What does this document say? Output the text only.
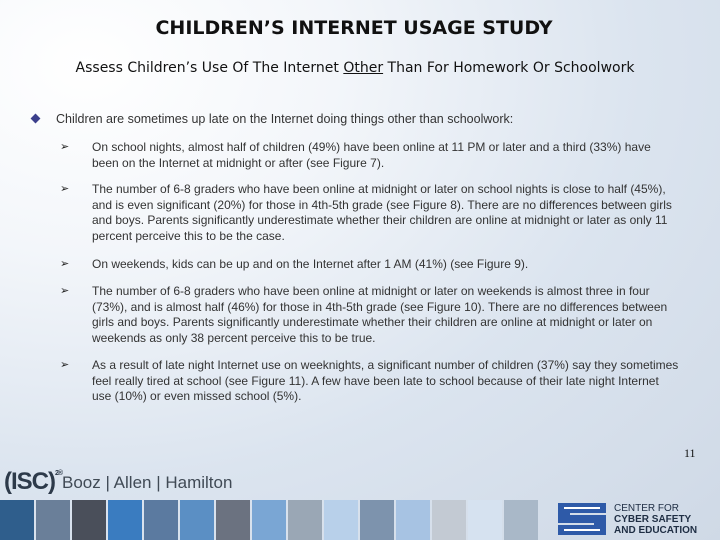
CHILDREN’S INTERNET USAGE STUDY
Assess Children’s Use Of The Internet Other Than For Homework Or Schoolwork
Children are sometimes up late on the Internet doing things other than schoolwork:
➢ On school nights, almost half of children (49%) have been online at 11 PM or later and a third (33%) have been on the Internet at midnight or after (see Figure 7).
➢ The number of 6-8 graders who have been online at midnight or later on school nights is close to half (45%), and is even significant (20%) for those in 4th-5th grade (see Figure 8). There are no differences between girls and boys. Parents significantly underestimate whether their children are online at midnight or later as only 11 percent perceive this to be the case.
➢ On weekends, kids can be up and on the Internet after 1 AM (41%) (see Figure 9).
➢ The number of 6-8 graders who have been online at midnight or later on weekends is almost three in four (73%), and is almost half (46%) for those in 4th-5th grade (see Figure 10). There are no differences between girls and boys. Parents significantly underestimate whether their children are online at midnight or later on weekends as only 38 percent perceive this to be true.
➢ As a result of late night Internet use on weeknights, a significant number of children (37%) say they sometimes feel really tired at school (see Figure 11). A few have been late to school because of their late night Internet use (10%) or even missed school (5%).
11
(ISC)$^{2®}$ Booz | Allen | Hamilton
CENTER FOR
CYBER SAFETY
AND EDUCATION
